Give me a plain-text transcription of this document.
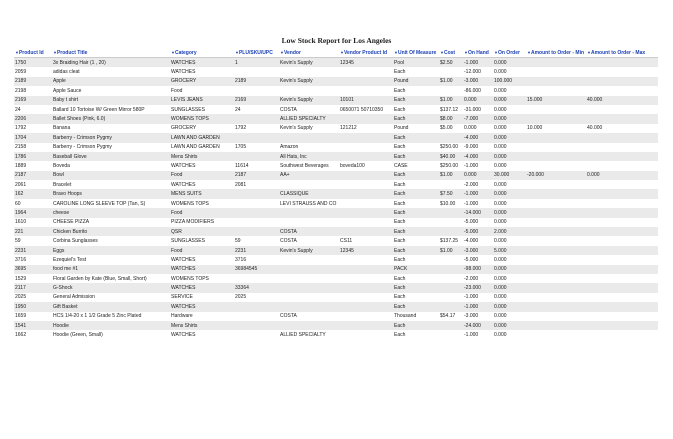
Low Stock Report for Los Angeles
▼Product Id	▼Product Title	▼Category	▼PLU/SKU/UPC	▼Vendor	▼Vendor Product Id	▼Unit Of Measure	▼Cost	▼On Hand	▼On Order	▼Amount to Order - Min	▼Amount to Order - Max
1750	3x Braiding Hair (1 , 20)	WATCHES	1	Kevin's Supply	12345	Pool	$2.50	-1.000	0.000		
2059	adidas cleat	WATCHES				Each		-12.000	0.000		
2189	Apple	GROCERY	2189	Kevin's Supply		Pound	$1.00	-3.000	100.000		
2198	Apple Sauce	Food				Each		-86.000	0.000		
2169	Baby t shirt	LEVIS JEANS	2169	Kevin's Supply	10101	Each	$1.00	0.000	0.000	15.000	40.000
24	Ballard 10 Tortoise W/ Green Mirror 580P	SUNGLASSES	24	COSTA	0650071 50710350	Each	$137.12	-31.000	0.000		
2206	Ballet Shoes (Pink, 6.0)	WOMENS TOPS		ALLIED SPECIALTY		Each	$8.00	-7.000	0.000		
1792	Banana	GROCERY	1792	Kevin's Supply	121212	Pound	$5.00	0.000	0.000	10.000	40.000
1704	Barberry - Crimson Pygmy	LAWN AND GARDEN				Each		-4.000	0.000		
2158	Barberry - Crimson Pygmy	LAWN AND GARDEN	1705	Amazon		Each	$250.00	-9.000	0.000		
1786	Baseball Glove	Mens Shirts		All Hats, Inc		Each	$40.00	-4.000	0.000		
1889	Boveda	WATCHES	11614	Southwest Beverages	boveda100	CASE	$250.00	-1.000	0.000		
2187	Bowl	Food	2187	AA+		Each	$1.00	0.000	30.000	-20.000	0.000
2061	Bracelet	WATCHES	2081			Each		-2.000	0.000		
162	Bravo Hoops	MENS SUITS		CLASSIQUE		Each	$7.50	-1.000	0.000		
60	CAROLINE LONG SLEEVE TOP (Tan, S)	WOMENS TOPS		LEVI STRAUSS AND CO		Each	$10.00	-1.000	0.000		
1964	cheese	Food				Each		-14.000	0.000		
1610	CHEESE PIZZA	PIZZA MODIFIERS				Each		-5.000	0.000		
221	Chicken Burrito	QSR		COSTA		Each		-5.000	2.000		
59	Corbina Sunglasses	SUNGLASSES	59	COSTA	CS11	Each	$137.25	-4.000	0.000		
2231	Eggs	Food	2231	Kevin's Supply	12345	Each	$1.00	-3.000	5.000		
3716	Ezequiel's Test	WATCHES	3716			Each		-5.000	0.000		
3695	food me #1	WATCHES	36984545			PACK		-98.000	0.000		
1529	Floral Garden by Kate (Blue, Small, Short)	WOMENS TOPS				Each		-2.000	0.000		
2117	G-Shock	WATCHES	33364			Each		-23.000	0.000		
2025	General Admission	SERVICE	2025			Each		-1.000	0.000		
1950	Gift Basket	WATCHES				Each		-1.000	0.000		
1659	HCS 1/4-20 x 1 1/2 Grade 5 Zinc Plated	Hardware		COSTA		Thousand	$54.17	-3.000	0.000		
1541	Hoodie	Mens Shirts				Each		-24.000	0.000		
1662	Hoodie (Green, Small)	WATCHES		ALLIED SPECIALTY		Each		-1.000	0.000		
